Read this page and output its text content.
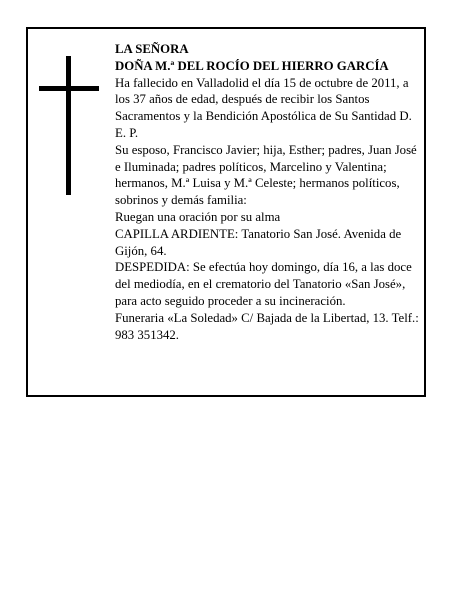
LA SEÑORA

DOÑA M.ª DEL ROCÍO DEL HIERRO GARCÍA

Ha fallecido en Valladolid el día 15 de octubre de 2011, a los 37 años de edad, después de recibir los Santos Sacramentos y la Bendición Apostólica de Su Santidad D. E. P.

Su esposo, Francisco Javier; hija, Esther; padres, Juan José e Iluminada; padres políticos, Marcelino y Valentina; hermanos, M.ª Luisa y M.ª Celeste; hermanos políticos, sobrinos y demás familia:

Ruegan una oración por su alma

CAPILLA ARDIENTE: Tanatorio San José. Avenida de Gijón, 64.

DESPEDIDA: Se efectúa hoy domingo, día 16, a las doce del mediodía, en el crematorio del Tanatorio «San José», para acto seguido proceder a su incineración.

Funeraria «La Soledad» C/ Bajada de la Libertad, 13. Telf.: 983 351342.
